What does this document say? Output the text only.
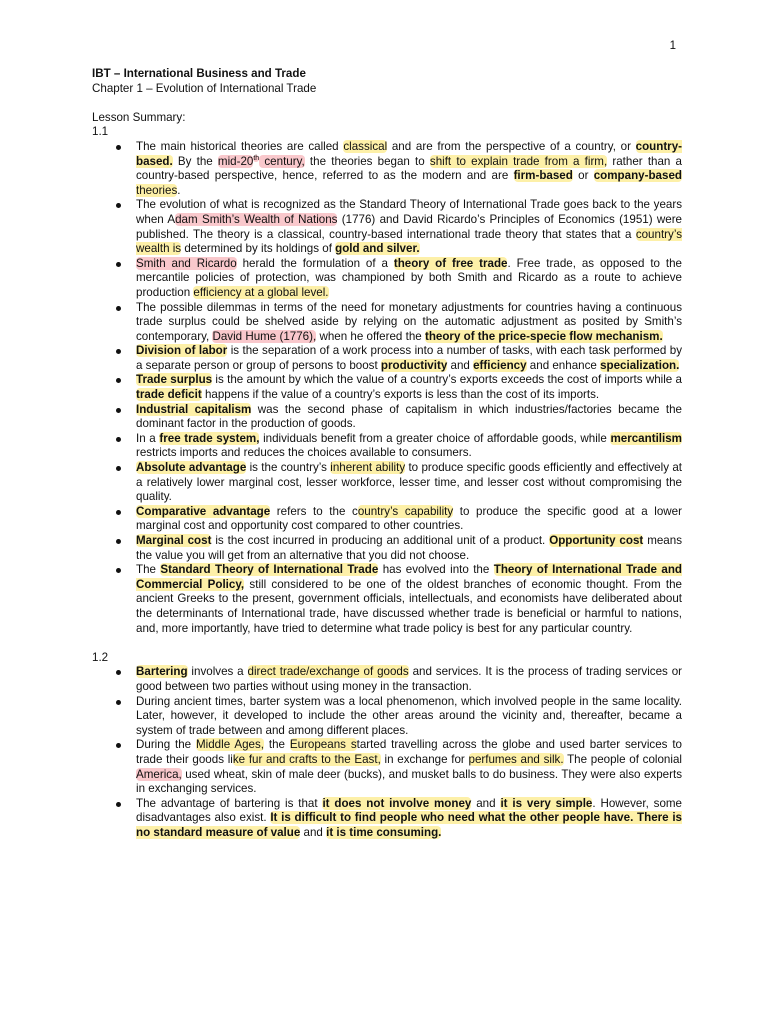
1
IBT – International Business and Trade
Chapter 1 – Evolution of International Trade
Lesson Summary:
1.1
The main historical theories are called classical and are from the perspective of a country, or country-based. By the mid-20th century, the theories began to shift to explain trade from a firm, rather than a country-based perspective, hence, referred to as the modern and are firm-based or company-based theories.
The evolution of what is recognized as the Standard Theory of International Trade goes back to the years when Adam Smith’s Wealth of Nations (1776) and David Ricardo’s Principles of Economics (1951) were published. The theory is a classical, country-based international trade theory that states that a country’s wealth is determined by its holdings of gold and silver.
Smith and Ricardo herald the formulation of a theory of free trade. Free trade, as opposed to the mercantile policies of protection, was championed by both Smith and Ricardo as a route to achieve production efficiency at a global level.
The possible dilemmas in terms of the need for monetary adjustments for countries having a continuous trade surplus could be shelved aside by relying on the automatic adjustment as posited by Smith’s contemporary, David Hume (1776), when he offered the theory of the price-specie flow mechanism.
Division of labor is the separation of a work process into a number of tasks, with each task performed by a separate person or group of persons to boost productivity and efficiency and enhance specialization.
Trade surplus is the amount by which the value of a country’s exports exceeds the cost of imports while a trade deficit happens if the value of a country’s exports is less than the cost of its imports.
Industrial capitalism was the second phase of capitalism in which industries/factories became the dominant factor in the production of goods.
In a free trade system, individuals benefit from a greater choice of affordable goods, while mercantilism restricts imports and reduces the choices available to consumers.
Absolute advantage is the country’s inherent ability to produce specific goods efficiently and effectively at a relatively lower marginal cost, lesser workforce, lesser time, and lesser cost without compromising the quality.
Comparative advantage refers to the country’s capability to produce the specific good at a lower marginal cost and opportunity cost compared to other countries.
Marginal cost is the cost incurred in producing an additional unit of a product. Opportunity cost means the value you will get from an alternative that you did not choose.
The Standard Theory of International Trade has evolved into the Theory of International Trade and Commercial Policy, still considered to be one of the oldest branches of economic thought. From the ancient Greeks to the present, government officials, intellectuals, and economists have deliberated about the determinants of International trade, have discussed whether trade is beneficial or harmful to nations, and, more importantly, have tried to determine what trade policy is best for any particular country.
1.2
Bartering involves a direct trade/exchange of goods and services. It is the process of trading services or good between two parties without using money in the transaction.
During ancient times, barter system was a local phenomenon, which involved people in the same locality. Later, however, it developed to include the other areas around the vicinity and, thereafter, became a system of trade between and among different places.
During the Middle Ages, the Europeans started travelling across the globe and used barter services to trade their goods like fur and crafts to the East, in exchange for perfumes and silk. The people of colonial America, used wheat, skin of male deer (bucks), and musket balls to do business. They were also experts in exchanging services.
The advantage of bartering is that it does not involve money and it is very simple. However, some disadvantages also exist. It is difficult to find people who need what the other people have. There is no standard measure of value and it is time consuming.
